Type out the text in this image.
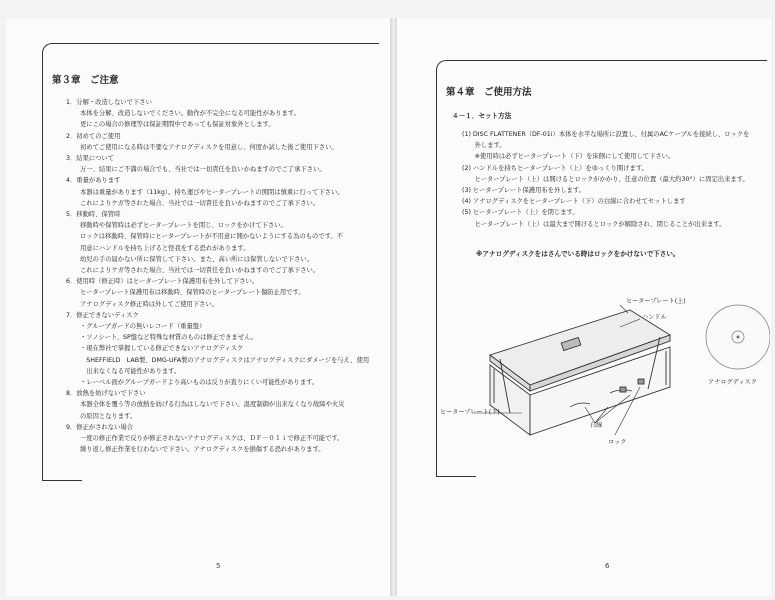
第３章　ご注意
1．分解・改造しないで下さい
本体を分解、改造しないでください。動作が不完全になる可能性があります。
更にこの場合の修理等は保証期間中であっても保証対象外とします。
2．初めてのご使用
初めてご使用になる時は不要なアナログディスクを用意し、何度か試した後ご使用下さい。
3．結果について
万一、結果にご不満の場合でも、当社では一切責任を負いかねますのでご了承下さい。
4．重量があります
本器は重量があります（11kg）。持ち運びやヒータープレートの開閉は慎重に行って下さい。
これによりケガ等された場合、当社では一切責任を負いかねますのでご了承下さい。
5．移動時、保管時
移動時や保管時は必ずヒータープレートを閉じ、ロックをかけて下さい。
ロックは移動時、保管時にヒータープレートが不用意に開かないようにする為のものです。不
用意にハンドルを持ち上げると怪我をする恐れがあります。
幼児の手の届かない所に保管して下さい。また、高い所には保管しないで下さい。
これによりケガ等された場合、当社では一切責任を負いかねますのでご了承下さい。
6．使用時（修正時）はヒータープレート保護用布を外して下さい。
ヒータープレート保護用布は移動時、保管時のヒータープレート傷防止用です。
アナログディスク修正時は外してご使用下さい。
7．修正できないディスク
・グルーブガードの無いレコード（重量盤）
・ソノシート、SP盤など特殊な材質のものは修正できません。
・現在弊社で掌握している修正できないアナログディスク
　SHEFFIELD　LAB製、DMG-UFA製のアナログディスクはアナログディスクにダメージを与え、使用
　出来なくなる可能性があります。
・レーベル面がグルーブガードより高いものは反りが直りにくい可能性があります。
8．放熱を妨げないで下さい
本器全体を覆う等の放熱を妨げる行為はしないで下さい。温度制御が出来なくなり故障や火災
の原因となります。
9．修正がされない場合
一度の修正作業で反りが修正されないアナログディスクは、ＤＦ－０１ｉで修正不可能です。
繰り返し修正作業を行わないで下さい。アナログディスクを損傷する恐れがあります。
5
第４章　ご使用方法
４－１．セット方法
(1) DISC FLATTENER（DF-01i）本体を水平な場所に設置し、付属のACケーブルを接続し、ロックを
　　外します。
　　※使用時は必ずヒータープレート（下）を床側にして使用して下さい。
(2) ハンドルを持ちヒータープレート（上）をゆっくり開けます。
　　ヒータープレート（上）は開けるとロックがかかり、任意の位置（最大約30°）に固定出来ます。
(3) ヒータープレート保護用布を外します。
(4) アナログディスクをヒータープレート（下）の白線に合わせてセットします
(5) ヒータープレート（上）を閉じます。
　　ヒータープレート（上）は最大まで開けるとロックが解除され、閉じることが出来ます。
※アナログディスクをはさんでいる時はロックをかけないで下さい。
ヒータープレート(上)
ハンドル
アナログディスク
ヒータープレート(下)
白線
ロック
6
